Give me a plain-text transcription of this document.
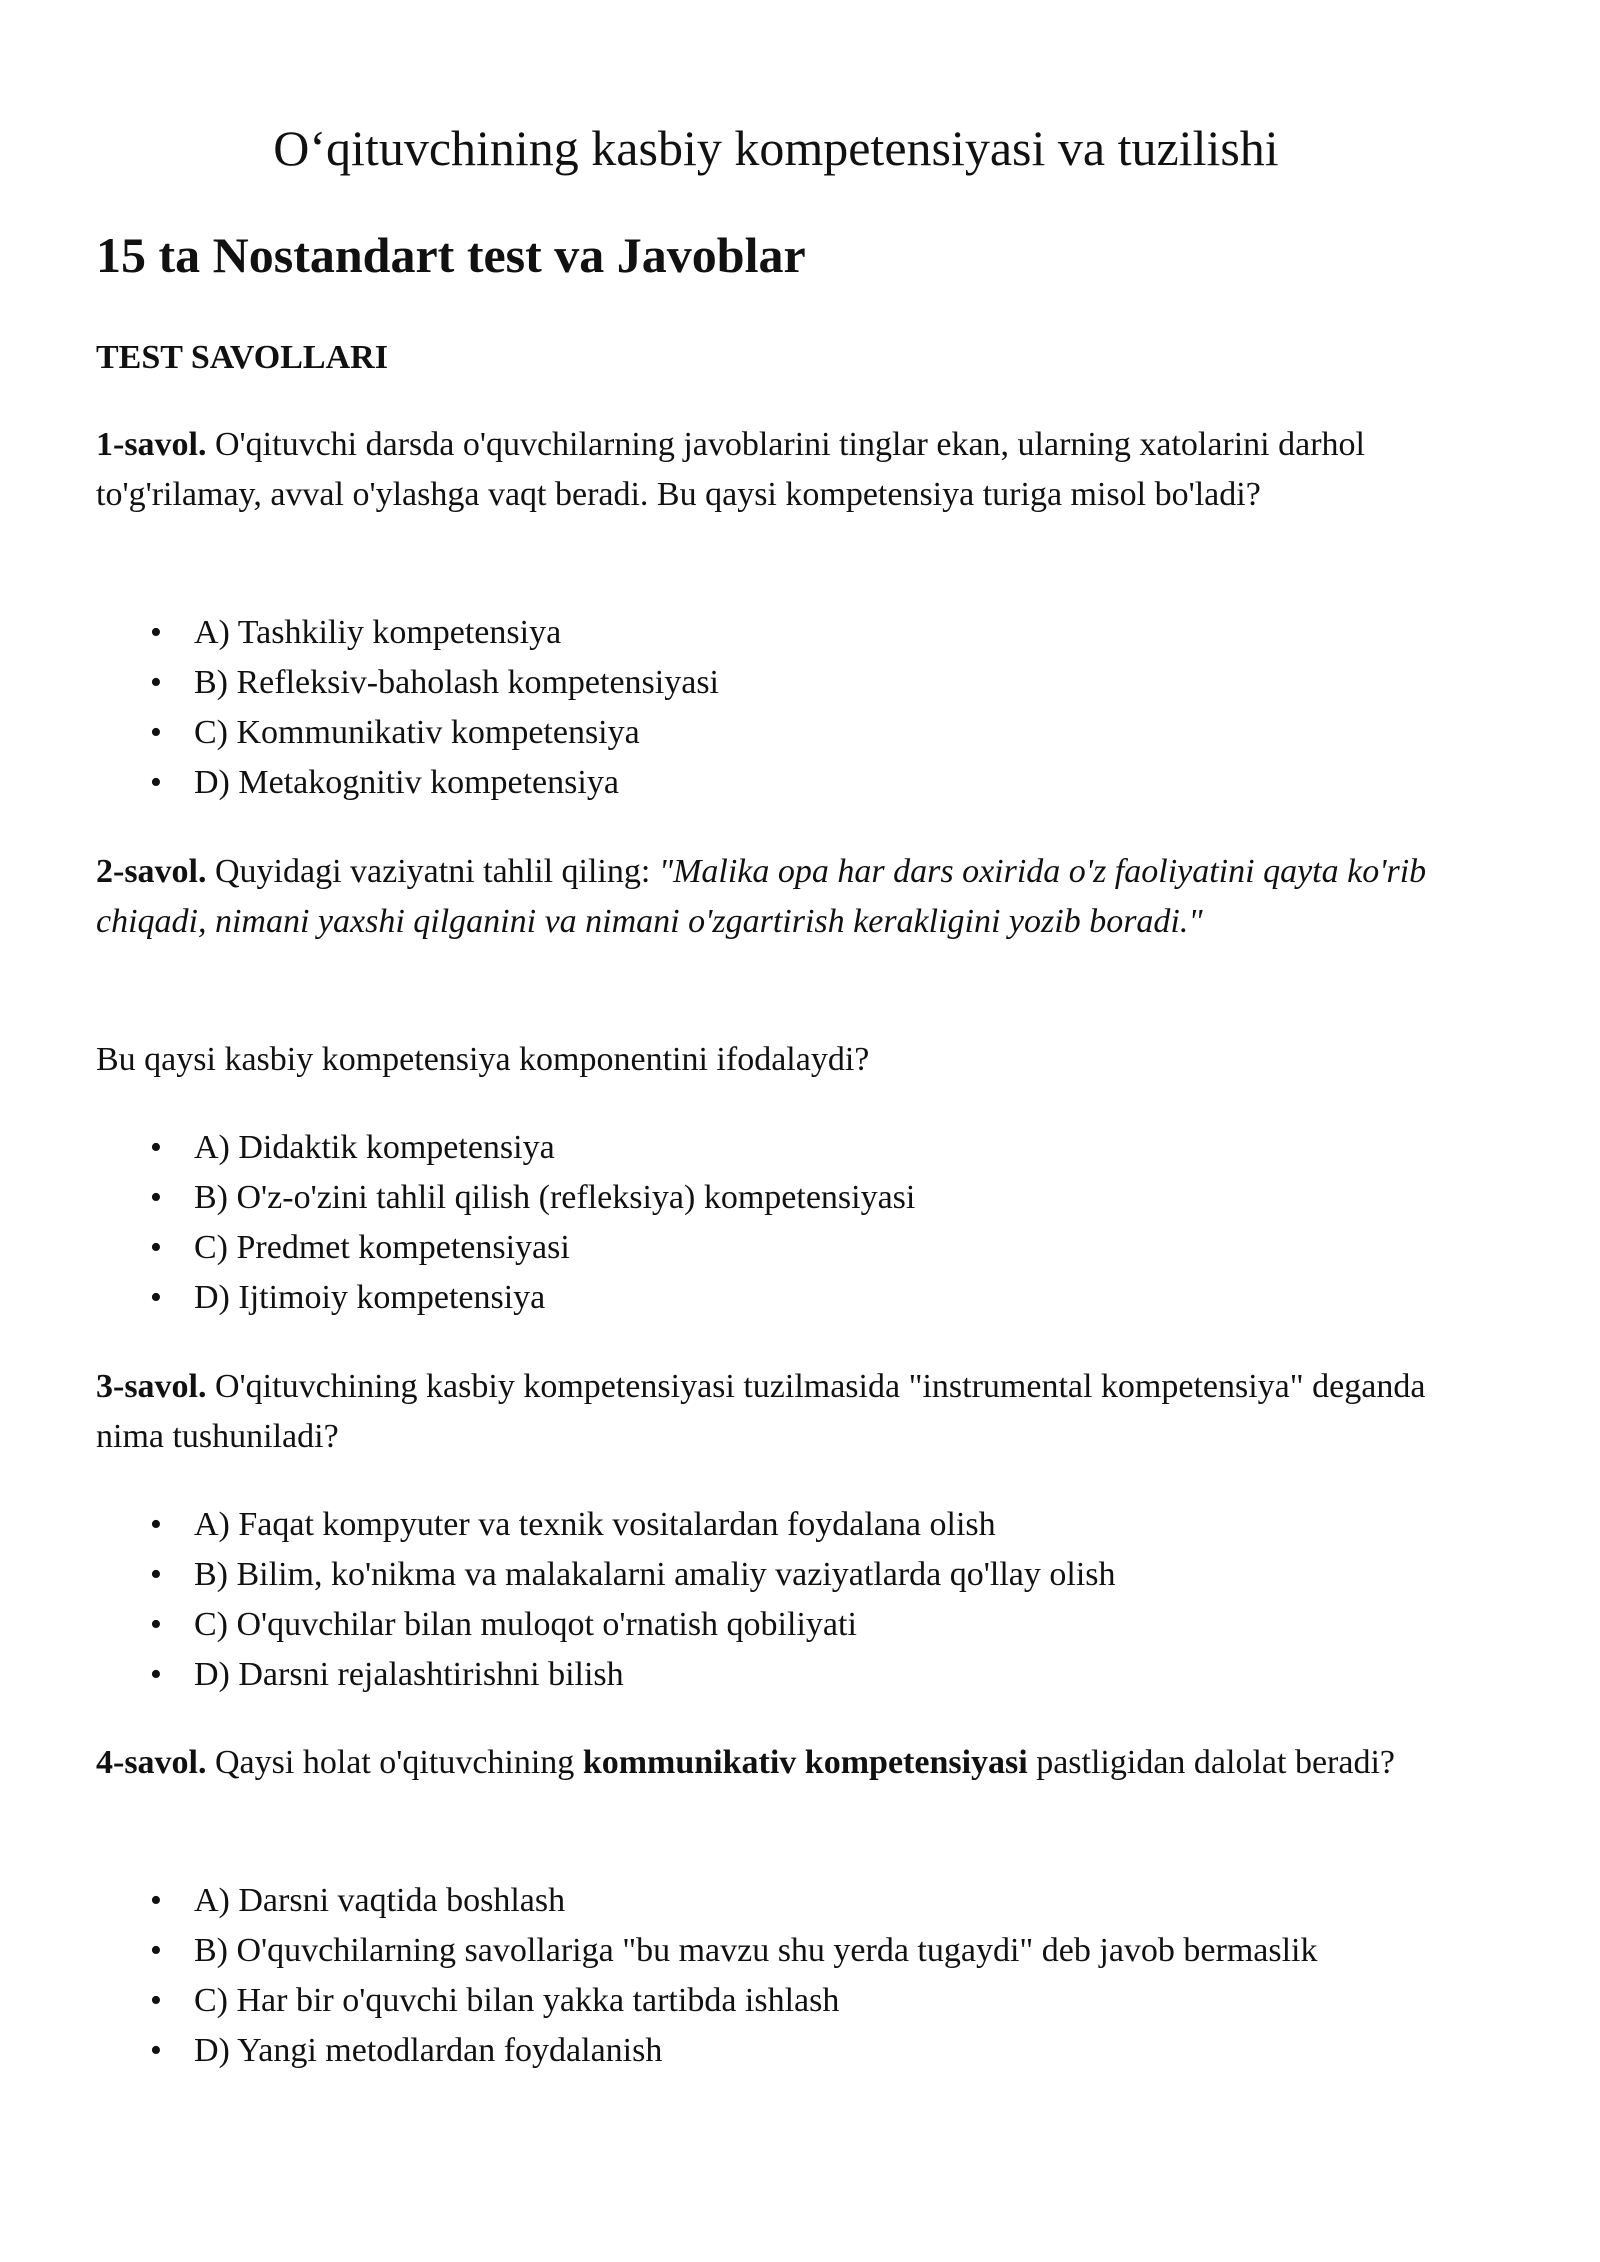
O‘qituvchining kasbiy kompetensiyasi va tuzilishi
15 ta Nostandart test va Javoblar
TEST SAVOLLARI

1-savol. O'qituvchi darsda o'quvchilarning javoblarini tinglar ekan, ularning xatolarini darhol to'g'rilamay, avval o'ylashga vaqt beradi. Bu qaysi kompetensiya turiga misol bo'ladi?

• A) Tashkiliy kompetensiya
• B) Refleksiv-baholash kompetensiyasi
• C) Kommunikativ kompetensiya
• D) Metakognitiv kompetensiya

2-savol. Quyidagi vaziyatni tahlil qiling: "Malika opa har dars oxirida o'z faoliyatini qayta ko'rib chiqadi, nimani yaxshi qilganini va nimani o'zgartirish kerakligini yozib boradi."

Bu qaysi kasbiy kompetensiya komponentini ifodalaydi?

• A) Didaktik kompetensiya
• B) O'z-o'zini tahlil qilish (refleksiya) kompetensiyasi
• C) Predmet kompetensiyasi
• D) Ijtimoiy kompetensiya

3-savol. O'qituvchining kasbiy kompetensiyasi tuzilmasida "instrumental kompetensiya" deganda nima tushuniladi?

• A) Faqat kompyuter va texnik vositalardan foydalana olish
• B) Bilim, ko'nikma va malakalarni amaliy vaziyatlarda qo'llay olish
• C) O'quvchilar bilan muloqot o'rnatish qobiliyati
• D) Darsni rejalashtirishni bilish

4-savol. Qaysi holat o'qituvchining kommunikativ kompetensiyasi pastligidan dalolat beradi?

• A) Darsni vaqtida boshlash
• B) O'quvchilarning savollariga "bu mavzu shu yerda tugaydi" deb javob bermaslik
• C) Har bir o'quvchi bilan yakka tartibda ishlash
• D) Yangi metodlardan foydalanish
